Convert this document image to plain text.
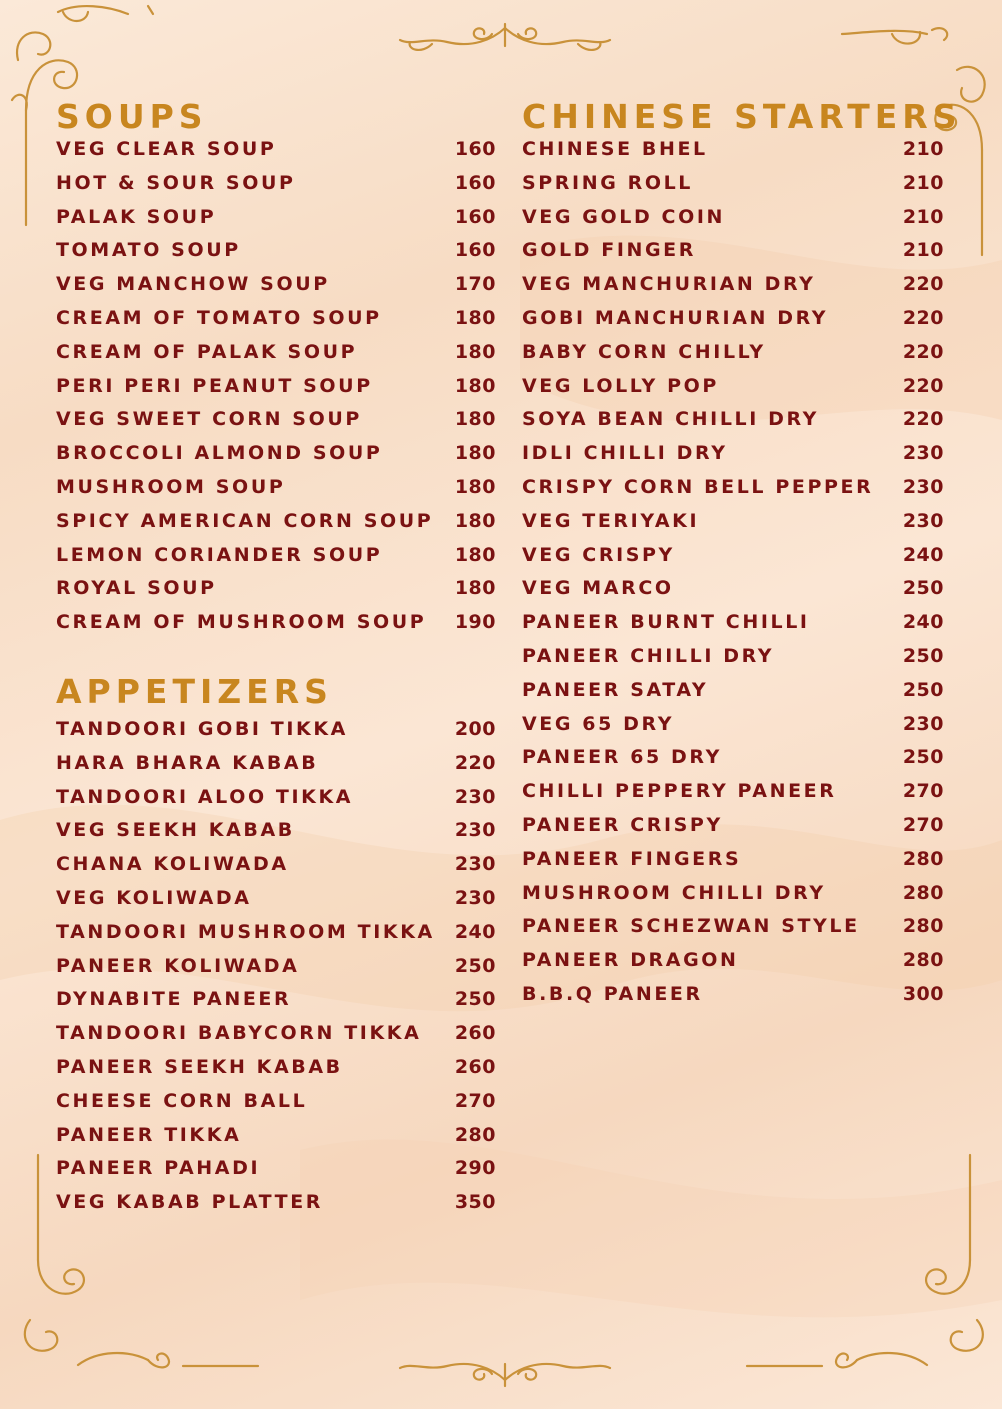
SOUPS
VEG CLEAR SOUP	160
HOT & SOUR SOUP	160
PALAK SOUP	160
TOMATO SOUP	160
VEG MANCHOW SOUP	170
CREAM OF TOMATO SOUP	180
CREAM OF PALAK SOUP	180
PERI PERI PEANUT SOUP	180
VEG SWEET CORN SOUP	180
BROCCOLI ALMOND SOUP	180
MUSHROOM SOUP	180
SPICY AMERICAN CORN SOUP 180
LEMON CORIANDER SOUP	180
ROYAL SOUP	180
CREAM OF MUSHROOM SOUP 190
APPETIZERS
TANDOORI GOBI TIKKA	200
HARA BHARA KABAB	220
TANDOORI ALOO TIKKA	230
VEG SEEKH KABAB	230
CHANA KOLIWADA	230
VEG KOLIWADA	230
TANDOORI MUSHROOM TIKKA 240
PANEER KOLIWADA	250
DYNABITE PANEER	250
TANDOORI BABYCORN TIKKA 260
PANEER SEEKH KABAB	260
CHEESE CORN BALL	270
PANEER TIKKA	280
PANEER PAHADI	290
VEG KABAB PLATTER	350
CHINESE STARTERS
CHINESE BHEL	210
SPRING ROLL	210
VEG GOLD COIN	210
GOLD FINGER	210
VEG MANCHURIAN DRY	220
GOBI MANCHURIAN DRY	220
BABY CORN CHILLY	220
VEG LOLLY POP	220
SOYA BEAN CHILLI DRY	220
IDLI CHILLI DRY	230
CRISPY CORN BELL PEPPER 230
VEG TERIYAKI	230
VEG CRISPY	240
VEG MARCO	250
PANEER BURNT CHILLI	240
PANEER CHILLI DRY	250
PANEER SATAY	250
VEG 65 DRY	230
PANEER 65 DRY	250
CHILLI PEPPERY PANEER	270
PANEER CRISPY	270
PANEER FINGERS	280
MUSHROOM CHILLI DRY	280
PANEER SCHEZWAN STYLE 280
PANEER DRAGON	280
B.B.Q PANEER	300
